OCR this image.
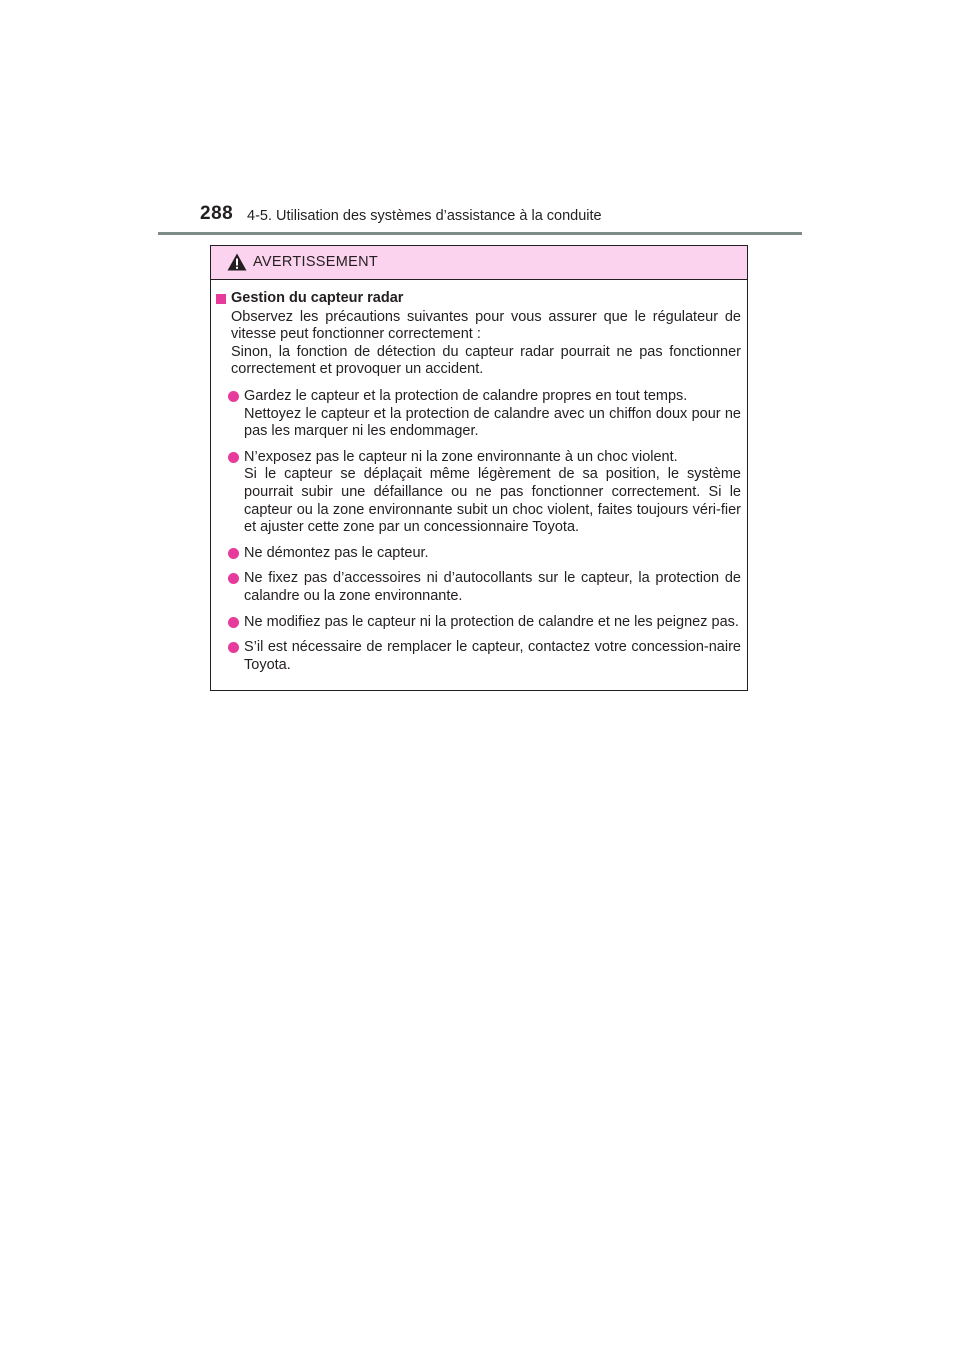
288 4-5. Utilisation des systèmes d’assistance à la conduite
AVERTISSEMENT
Gestion du capteur radar

Observez les précautions suivantes pour vous assurer que le régulateur de vitesse peut fonctionner correctement :

Sinon, la fonction de détection du capteur radar pourrait ne pas fonctionner correctement et provoquer un accident.

Gardez le capteur et la protection de calandre propres en tout temps.
Nettoyez le capteur et la protection de calandre avec un chiffon doux pour ne pas les marquer ni les endommager.
N’exposez pas le capteur ni la zone environnante à un choc violent.
Si le capteur se déplaçait même légèrement de sa position, le système pourrait subir une défaillance ou ne pas fonctionner correctement. Si le capteur ou la zone environnante subit un choc violent, faites toujours véri-fier et ajuster cette zone par un concessionnaire Toyota.
Ne démontez pas le capteur.
Ne fixez pas d’accessoires ni d’autocollants sur le capteur, la protection de calandre ou la zone environnante.
Ne modifiez pas le capteur ni la protection de calandre et ne les peignez pas.
S’il est nécessaire de remplacer le capteur, contactez votre concession-naire Toyota.
